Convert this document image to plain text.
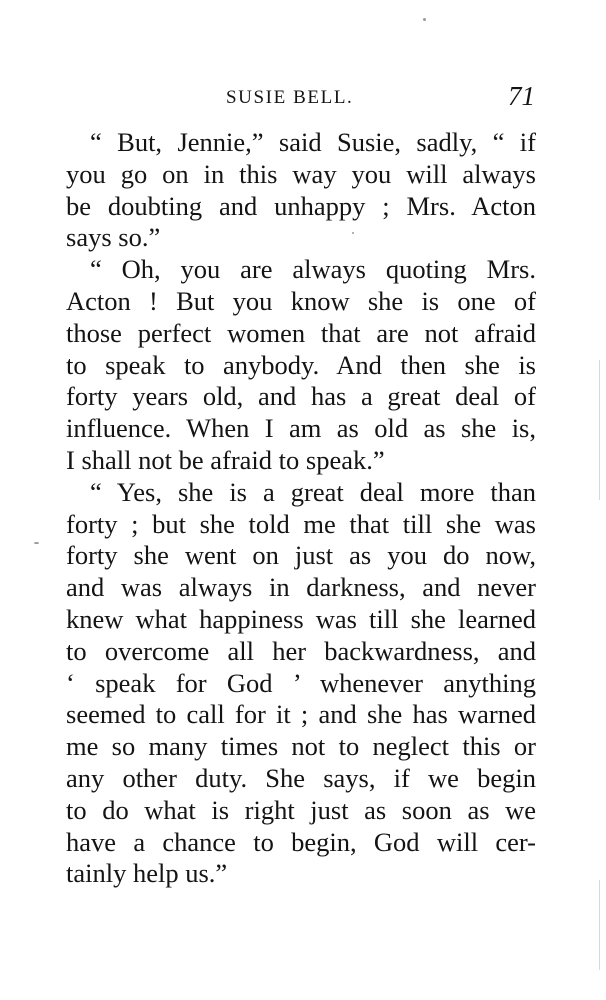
SUSIE BELL.	71
“ But, Jennie,” said Susie, sadly, “ if
you go on in this way you will always
be doubting and unhappy ; Mrs. Acton
says so.”
“ Oh, you are always quoting Mrs.
Acton ! But you know she is one of
those perfect women that are not afraid
to speak to anybody. And then she is
forty years old, and has a great deal of
influence. When I am as old as she is,
I shall not be afraid to speak.”
“ Yes, she is a great deal more than
forty ; but she told me that till she was
forty she went on just as you do now,
and was always in darkness, and never
knew what happiness was till she learned
to overcome all her backwardness, and
‘ speak for God ’ whenever anything
seemed to call for it ; and she has warned
me so many times not to neglect this or
any other duty. She says, if we begin
to do what is right just as soon as we
have a chance to begin, God will cer-
tainly help us.”
